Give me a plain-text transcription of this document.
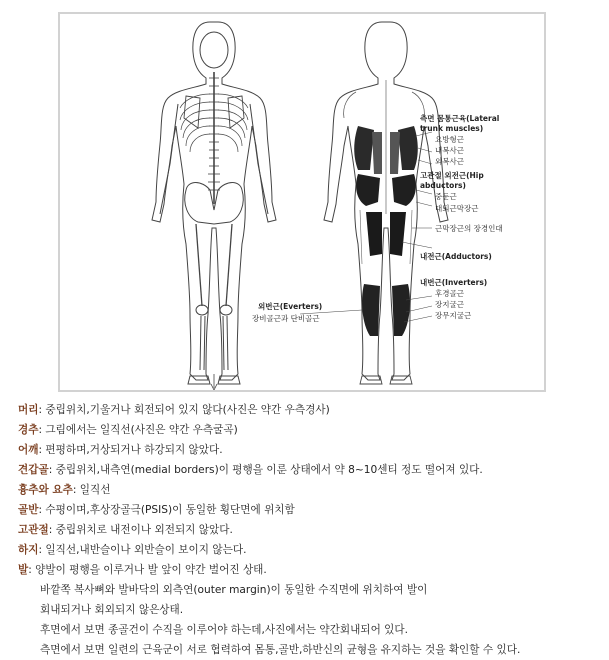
측면 몸통근육(Lateral
trunk muscles)
요방형근
내복사근
외복사근
고관절 외전근(Hip
abductors)
중둔근
대퇴근막장근
근막장근의 장경인대
내전근(Adductors)
내번근(Inverters)
후경골근
장지굴근
장무지굴근
외번근(Everters)
장비골근과 단비골근
머리: 중립위치,기울거나 회전되어 있지 않다(사진은 약간 우측경사)
경추: 그림에서는 일직선(사진은 약간 우측굴곡)
어깨: 편평하며,거상되거나 하강되지 않았다.
견갑골: 중립위치,내측연(medial borders)이 평행을 이룬 상태에서 약 8~10센티 정도 떨어져 있다.
흉추와 요추: 일직선
골반: 수평이며,후상장골극(PSIS)이 동일한 횡단면에 위치함
고관절: 중립위치로 내전이나 외전되지 않았다.
하지: 일직선,내반슬이나 외반슬이 보이지 않는다.
발: 양발이 평행을 이루거나 발 앞이 약간 벌어진 상태.
바깥쪽 복사뼈와 발바닥의 외측연(outer margin)이 동일한 수직면에 위치하여 발이
회내되거나 회외되지 않은상태.
후면에서 보면 종골건이 수직을 이루어야 하는데,사진에서는 약간회내되어 있다.
측면에서 보면 일련의 근육군이 서로 협력하여 몸통,골반,하반신의 균형을 유지하는 것을 확인할 수 있다.
